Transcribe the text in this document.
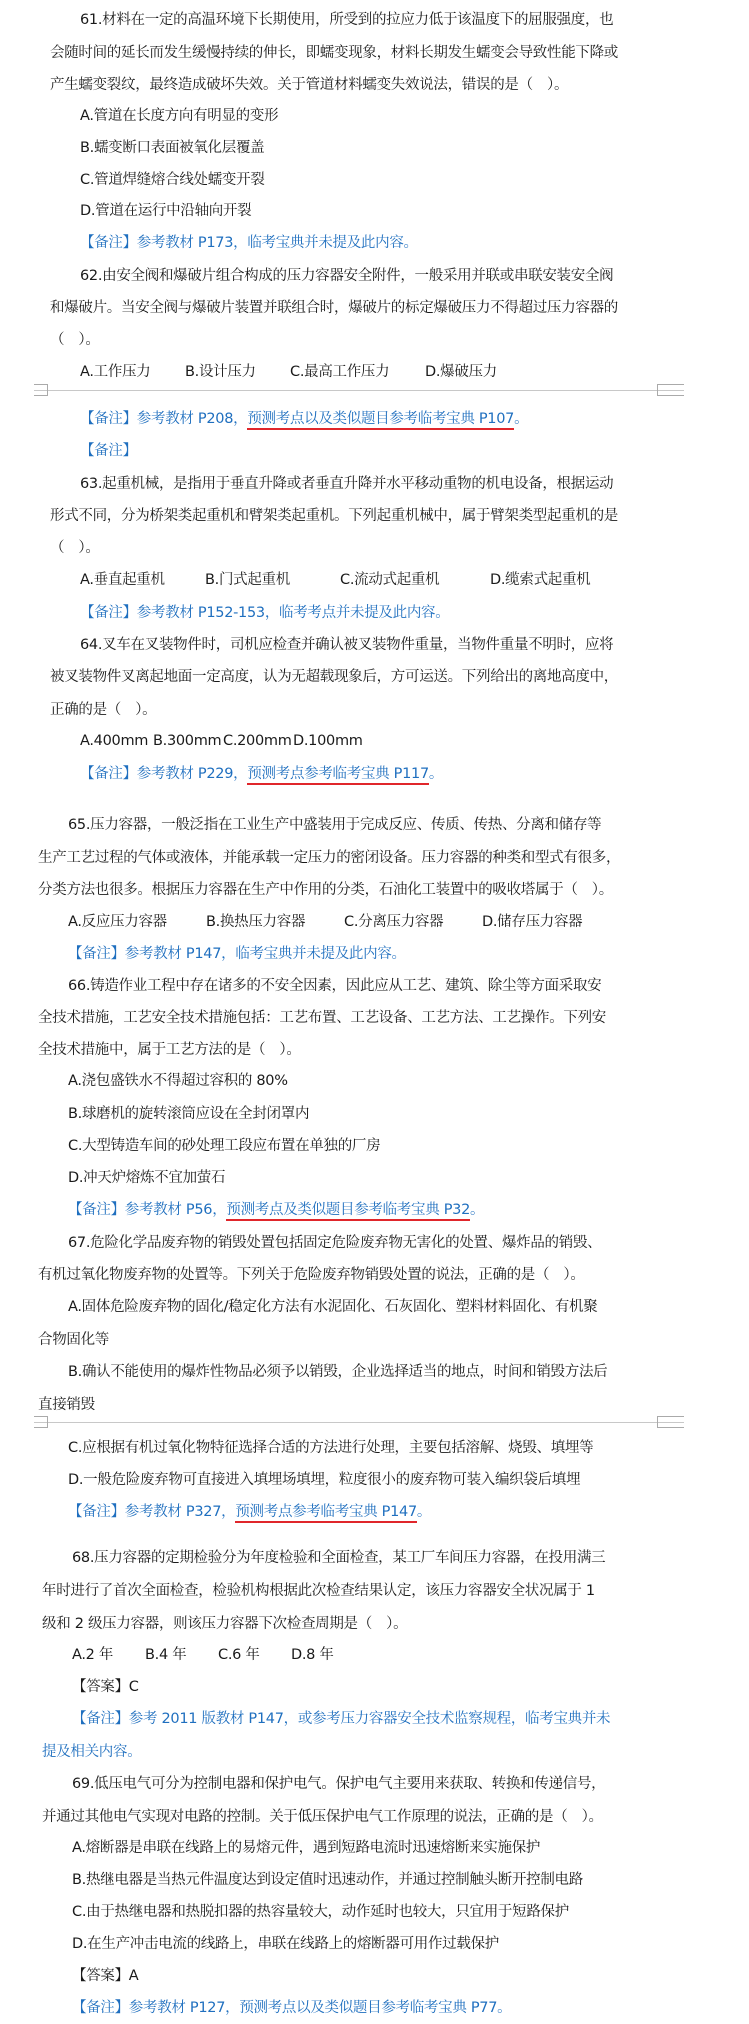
61.材料在一定的高温环境下长期使用，所受到的拉应力低于该温度下的屈服强度，也
会随时间的延长而发生缓慢持续的伸长，即蠕变现象，材料长期发生蠕变会导致性能下降或
产生蠕变裂纹，最终造成破坏失效。关于管道材料蠕变失效说法，错误的是（　）。
A.管道在长度方向有明显的变形
B.蠕变断口表面被氧化层覆盖
C.管道焊缝熔合线处蠕变开裂
D.管道在运行中沿轴向开裂
【备注】参考教材 P173，临考宝典并未提及此内容。
62.由安全阀和爆破片组合构成的压力容器安全附件，一般采用并联或串联安装安全阀
和爆破片。当安全阀与爆破片装置并联组合时，爆破片的标定爆破压力不得超过压力容器的
（　）。
A.工作压力 B.设计压力 C.最高工作压力 D.爆破压力
【备注】参考教材 P208，预测考点以及类似题目参考临考宝典 P107。
【备注】
63.起重机械，是指用于垂直升降或者垂直升降并水平移动重物的机电设备，根据运动
形式不同，分为桥架类起重机和臂架类起重机。下列起重机械中，属于臂架类型起重机的是
（　）。
A.垂直起重机	B.门式起重机	C.流动式起重机	D.缆索式起重机
【备注】参考教材 P152-153，临考考点并未提及此内容。
64.叉车在叉装物件时，司机应检查并确认被叉装物件重量，当物件重量不明时，应将
被叉装物件叉离起地面一定高度，认为无超载现象后，方可运送。下列给出的离地高度中，
正确的是（　）。
A.400mm B.300mm C.200mmD.100mm
【备注】参考教材 P229，预测考点参考临考宝典 P117。
65.压力容器，一般泛指在工业生产中盛装用于完成反应、传质、传热、分离和储存等
生产工艺过程的气体或液体，并能承载一定压力的密闭设备。压力容器的种类和型式有很多，
分类方法也很多。根据压力容器在生产中作用的分类，石油化工装置中的吸收塔属于（　）。
A.反应压力容器	B.换热压力容器	C.分离压力容器	D.储存压力容器
【备注】参考教材 P147，临考宝典并未提及此内容。
66.铸造作业工程中存在诸多的不安全因素，因此应从工艺、建筑、除尘等方面采取安
全技术措施，工艺安全技术措施包括：工艺布置、工艺设备、工艺方法、工艺操作。下列安
全技术措施中，属于工艺方法的是（　）。
A.浇包盛铁水不得超过容积的 80%
B.球磨机的旋转滚筒应设在全封闭罩内
C.大型铸造车间的砂处理工段应布置在单独的厂房
D.冲天炉熔炼不宜加萤石
【备注】参考教材 P56，预测考点及类似题目参考临考宝典 P32。
67.危险化学品废弃物的销毁处置包括固定危险废弃物无害化的处置、爆炸品的销毁、
有机过氧化物废弃物的处置等。下列关于危险废弃物销毁处置的说法，正确的是（　）。
A.固体危险废弃物的固化/稳定化方法有水泥固化、石灰固化、塑料材料固化、有机聚
合物固化等
B.确认不能使用的爆炸性物品必须予以销毁，企业选择适当的地点，时间和销毁方法后
直接销毁
C.应根据有机过氧化物特征选择合适的方法进行处理，主要包括溶解、烧毁、填埋等
D.一般危险废弃物可直接进入填埋场填埋，粒度很小的废弃物可装入编织袋后填埋
【备注】参考教材 P327，预测考点参考临考宝典 P147。
68.压力容器的定期检验分为年度检验和全面检查，某工厂车间压力容器，在投用满三
年时进行了首次全面检查，检验机构根据此次检查结果认定，该压力容器安全状况属于 1
级和 2 级压力容器，则该压力容器下次检查周期是（　）。
A.2 年 B.4 年 C.6 年 D.8 年
【答案】C
【备注】参考 2011 版教材 P147，或参考压力容器安全技术监察规程，临考宝典并未
提及相关内容。
69.低压电气可分为控制电器和保护电气。保护电气主要用来获取、转换和传递信号，
并通过其他电气实现对电路的控制。关于低压保护电气工作原理的说法，正确的是（　）。
A.熔断器是串联在线路上的易熔元件，遇到短路电流时迅速熔断来实施保护
B.热继电器是当热元件温度达到设定值时迅速动作，并通过控制触头断开控制电路
C.由于热继电器和热脱扣器的热容量较大，动作延时也较大，只宜用于短路保护
D.在生产冲击电流的线路上，串联在线路上的熔断器可用作过载保护
【答案】A
【备注】参考教材 P127，预测考点以及类似题目参考临考宝典 P77。
